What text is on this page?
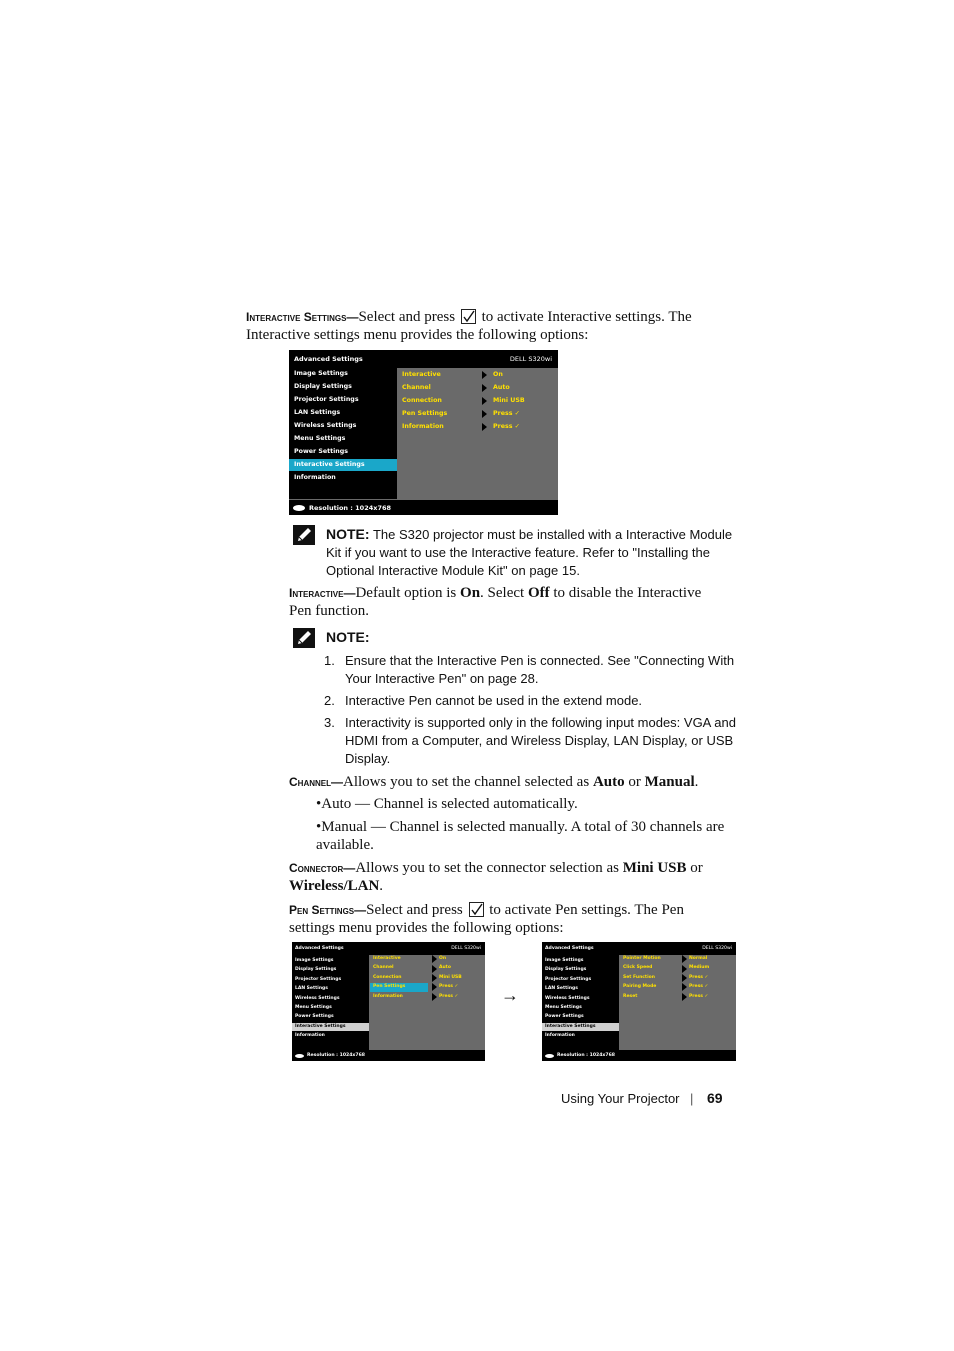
Interactive Settings—Select and press to activate Interactive settings. The
Interactive settings menu provides the following options:
Advanced Settings	DELL S320wi
Image Settings
Display Settings
Projector Settings
LAN Settings
Wireless Settings
Menu Settings
Power Settings
Interactive Settings
Information
Interactive	On
Channel	Auto
Connection	Mini USB
Pen Settings	Press ✓
Information	Press ✓
Resolution : 1024x768
NOTE: The S320 projector must be installed with a Interactive Module
Kit if you want to use the Interactive feature. Refer to "Installing the
Optional Interactive Module Kit" on page 15.
Interactive—Default option is On. Select Off to disable the Interactive
Pen function.
NOTE:
1. Ensure that the Interactive Pen is connected. See "Connecting With
Your Interactive Pen" on page 28.
2. Interactive Pen cannot be used in the extend mode.
3. Interactivity is supported only in the following input modes: VGA and
HDMI from a Computer, and Wireless Display, LAN Display, or USB
Display.
Channel—Allows you to set the channel selected as Auto or Manual.
•Auto — Channel is selected automatically.
•Manual — Channel is selected manually. A total of 30 channels are
available.
Connector—Allows you to set the connector selection as Mini USB or
Wireless/LAN.
Pen Settings—Select and press to activate Pen settings. The Pen
settings menu provides the following options:
Advanced Settings	DELL S320wi
Image Settings
Display Settings
Projector Settings
LAN Settings
Wireless Settings
Menu Settings
Power Settings
Interactive Settings
Information
Interactive	On
Channel	Auto
Connection	Mini USB
Pen Settings	Press ✓
Information	Press ✓
Resolution : 1024x768
→
Advanced Settings	DELL S320wi
Image Settings
Display Settings
Projector Settings
LAN Settings
Wireless Settings
Menu Settings
Power Settings
Interactive Settings
Information
Pointer Motion	Normal
Click Speed	Medium
Set Function	Press ✓
Pairing Mode	Press ✓
Reset	Press ✓
Resolution : 1024x768
Using Your Projector | 69
